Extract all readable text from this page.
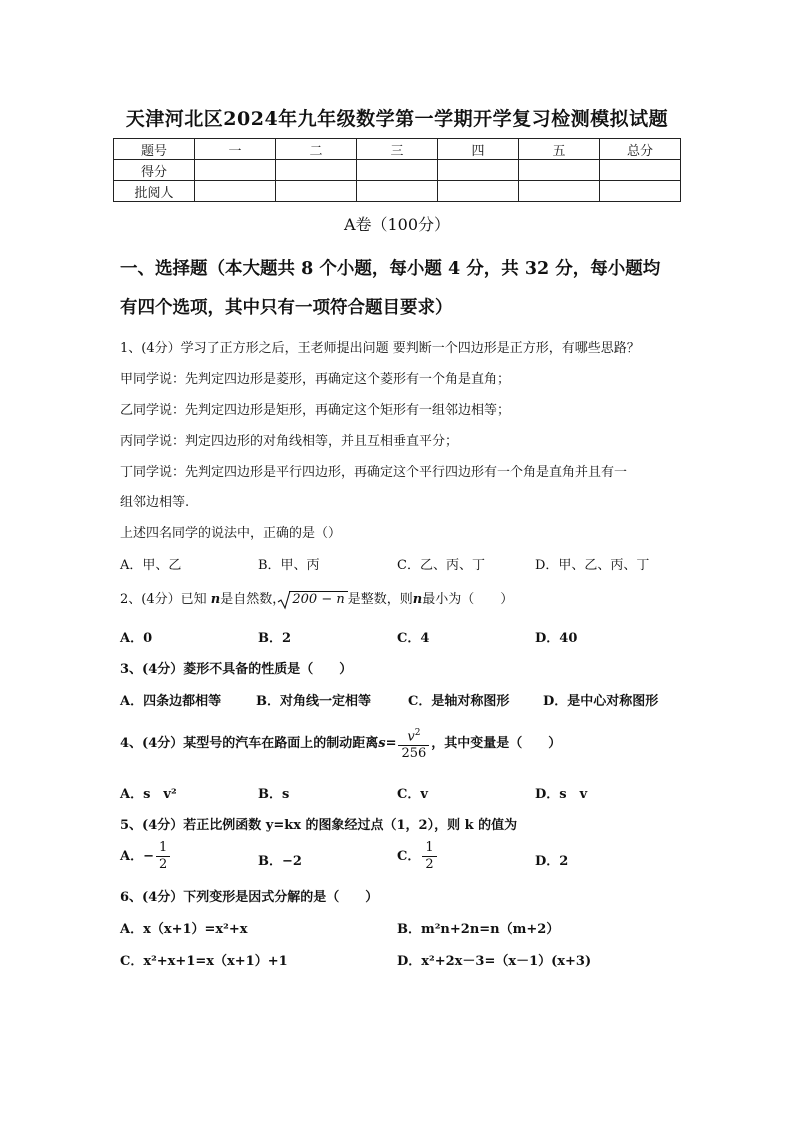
天津河北区2024年九年级数学第一学期开学复习检测模拟试题
题号	一	二	三	四	五	总分
得分						
批阅人						
A卷（100分）
一、选择题（本大题共 8 个小题，每小题 4 分，共 32 分，每小题均
有四个选项，其中只有一项符合题目要求）
1、(4分）学习了正方形之后，王老师提出问题 要判断一个四边形是正方形，有哪些思路？
甲同学说：先判定四边形是菱形，再确定这个菱形有一个角是直角；
乙同学说：先判定四边形是矩形，再确定这个矩形有一组邻边相等；
丙同学说：判定四边形的对角线相等，并且互相垂直平分；
丁同学说：先判定四边形是平行四边形，再确定这个平行四边形有一个角是直角并且有一
组邻边相等.
上述四名同学的说法中，正确的是（）
A．甲、乙	B．甲、丙	C．乙、丙、丁	D．甲、乙、丙、丁
2、(4分）已知 n是自然数， 200 − n 是整数，则n最小为（　　）
A．0	B．2	C．4	D．40
3、(4分）菱形不具备的性质是（　　）
A．四条边都相等	B．对角线一定相等	C．是轴对称图形	D．是中心对称图形
4、(4分）某型号的汽车在路面上的制动距离$s= \frac{v^2}{256}$ ，其中变量是（　　）
A．s　v²	B．s	C．v	D．s　v
5、(4分）若正比例函数 y=kx 的图象经过点（1，2），则 k 的值为
A．− $\frac{1}{2}$	B．−2	C． $\frac{1}{2}$	D．2
6、(4分）下列变形是因式分解的是（　　）
A．x（x+1）=x²+x	B．m²n+2n=n（m+2）
C．x²+x+1=x（x+1）+1	D．x²+2x－3=（x－1）(x+3)
